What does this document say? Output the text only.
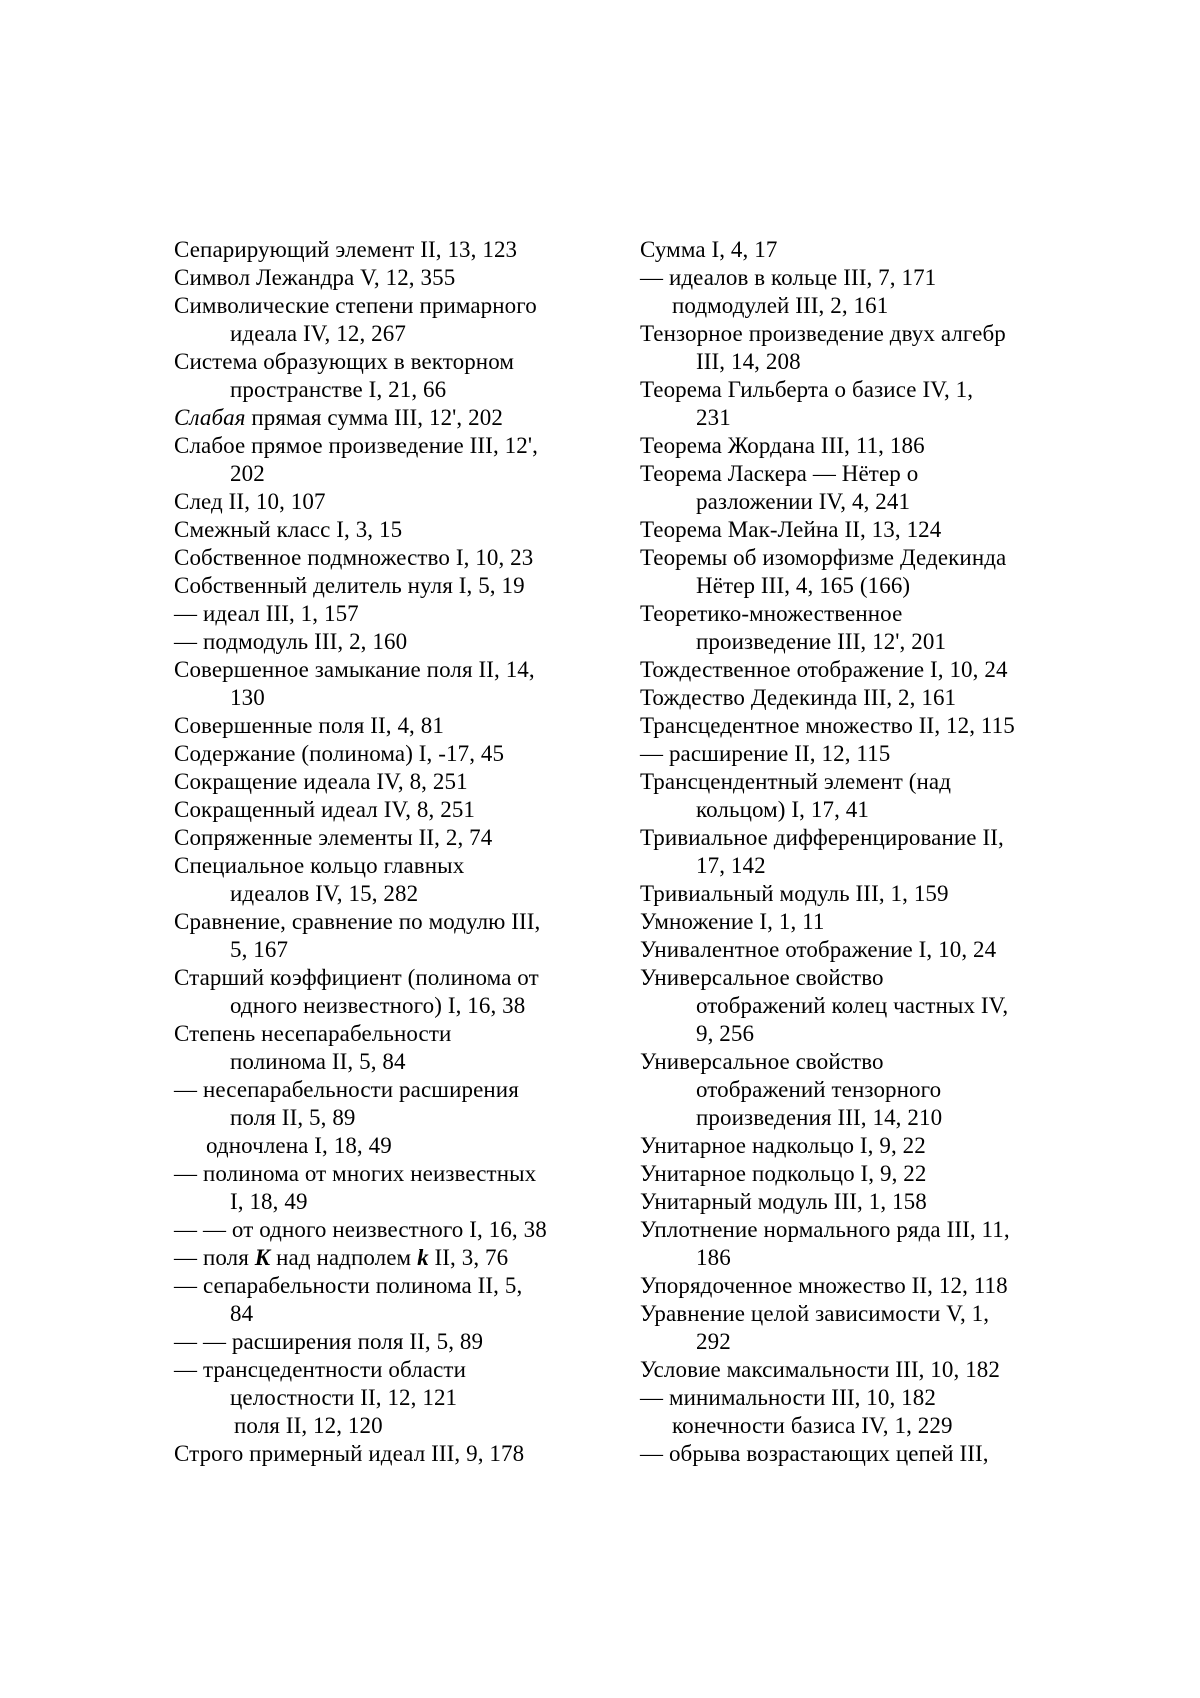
Сепарирующий элемент II, 13, 123
Символ Лежандра V, 12, 355
Символические степени примарного
идеала IV, 12, 267
Система образующих в векторном
пространстве I, 21, 66
Слабая прямая сумма III, 12', 202
Слабое прямое произведение III, 12',
202
След II, 10, 107
Смежный класс I, 3, 15
Собственное подмножество I, 10, 23
Собственный делитель нуля I, 5, 19
— идеал III, 1, 157
— подмодуль III, 2, 160
Совершенное замыкание поля II, 14,
130
Совершенные поля II, 4, 81
Содержание (полинома) I, -17, 45
Сокращение идеала IV, 8, 251
Сокращенный идеал IV, 8, 251
Сопряженные элементы II, 2, 74
Специальное кольцо главных
идеалов IV, 15, 282
Сравнение, сравнение по модулю III,
5, 167
Старший коэффициент (полинома от
одного неизвестного) I, 16, 38
Степень несепарабельности
полинома II, 5, 84
— несепарабельности расширения
поля II, 5, 89
одночлена I, 18, 49
— полинома от многих неизвестных
I, 18, 49
— — от одного неизвестного I, 16, 38
— поля K над надполем k II, 3, 76
— сепарабельности полинома II, 5,
84
— — расширения поля II, 5, 89
— трансцедентности области
целостности II, 12, 121
поля II, 12, 120
Строго примерный идеал III, 9, 178
Сумма I, 4, 17
— идеалов в кольце III, 7, 171
подмодулей III, 2, 161
Тензорное произведение двух алгебр
III, 14, 208
Теорема Гильберта о базисе IV, 1,
231
Теорема Жордана III, 11, 186
Теорема Ласкера — Нётер о
разложении IV, 4, 241
Теорема Мак-Лейна II, 13, 124
Теоремы об изоморфизме Дедекинда
Нётер III, 4, 165 (166)
Теоретико-множественное
произведение III, 12', 201
Тождественное отображение I, 10, 24
Тождество Дедекинда III, 2, 161
Трансцедентное множество II, 12, 115
— расширение II, 12, 115
Трансцендентный элемент (над
кольцом) I, 17, 41
Тривиальное дифференцирование II,
17, 142
Тривиальный модуль III, 1, 159
Умножение I, 1, 11
Унивалентное отображение I, 10, 24
Универсальное свойство
отображений колец частных IV,
9, 256
Универсальное свойство
отображений тензорного
произведения III, 14, 210
Унитарное надкольцо I, 9, 22
Унитарное подкольцо I, 9, 22
Унитарный модуль III, 1, 158
Уплотнение нормального ряда III, 11,
186
Упорядоченное множество II, 12, 118
Уравнение целой зависимости V, 1,
292
Условие максимальности III, 10, 182
— минимальности III, 10, 182
конечности базиса IV, 1, 229
— обрыва возрастающих цепей III,
